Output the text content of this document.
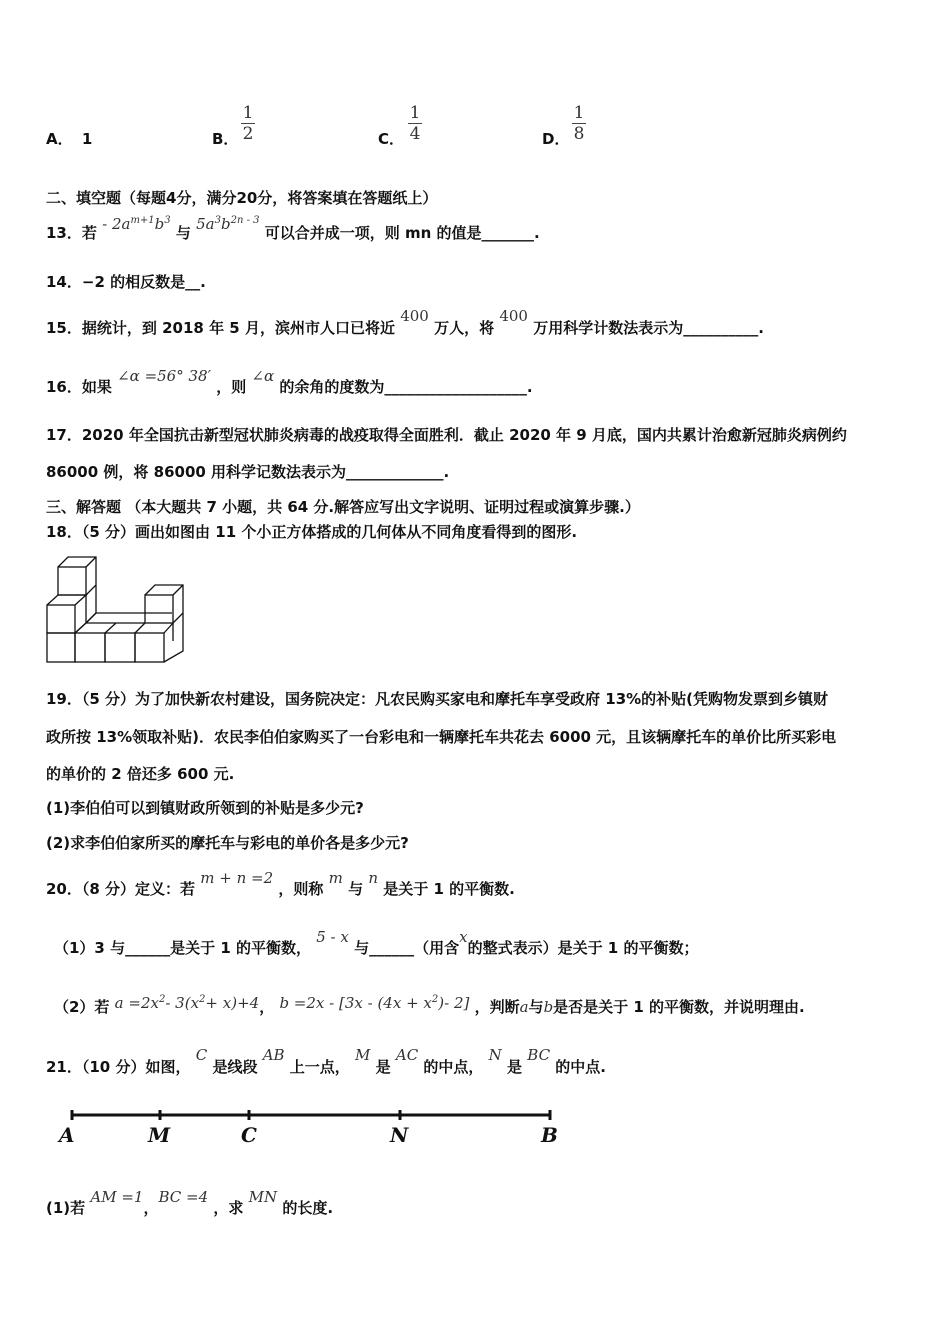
A． 1	B．
1
2	C．
1
4	D．
1
8
二、填空题（每题4分，满分20分，将答案填在答题纸上）
13．若 - $2a^{m+1}b^3$ 与 $5a^3b^{2n - 3}$ 可以合并成一项，则 mn 的值是_______.
14．−2 的相反数是__.
15．据统计，到 2018 年 5 月，滨州市人口已将近 400 万人，将 400 万用科学计数法表示为__________.
16．如果 ∠α =56° 38′ ，则 ∠α 的余角的度数为___________________.
17．2020 年全国抗击新型冠状肺炎病毒的战疫取得全面胜利．截止 2020 年 9 月底，国内共累计治愈新冠肺炎病例约
86000 例，将 86000 用科学记数法表示为_____________.
三、解答题 （本大题共 7 小题，共 64 分.解答应写出文字说明、证明过程或演算步骤.）
18．（5 分）画出如图由 11 个小正方体搭成的几何体从不同角度看得到的图形.
19．（5 分）为了加快新农村建设，国务院决定：凡农民购买家电和摩托车享受政府 13%的补贴(凭购物发票到乡镇财
政所按 13%领取补贴)．农民李伯伯家购买了一台彩电和一辆摩托车共花去 6000 元，且该辆摩托车的单价比所买彩电
的单价的 2 倍还多 600 元.
(1)李伯伯可以到镇财政所领到的补贴是多少元?
(2)求李伯伯家所买的摩托车与彩电的单价各是多少元?
20．（8 分）定义：若 m + n =2 ，则称 m 与 n 是关于 1 的平衡数.
（1）3 与______是关于 1 的平衡数， 5 - x 与______（用含x的整式表示）是关于 1 的平衡数；
（2）若 $a =2x^2-$ $3(x^2+ x)+4$， $b =2x - [3x - (4x + x^2)-$ 2] ，判断a与b是否是关于 1 的平衡数，并说明理由.
21．（10 分）如图， C 是线段 AB 上一点， M 是 AC 的中点， N 是 BC 的中点.
A	M	C	N	B
(1)若 AM =1，BC =4 ，求 MN 的长度.
